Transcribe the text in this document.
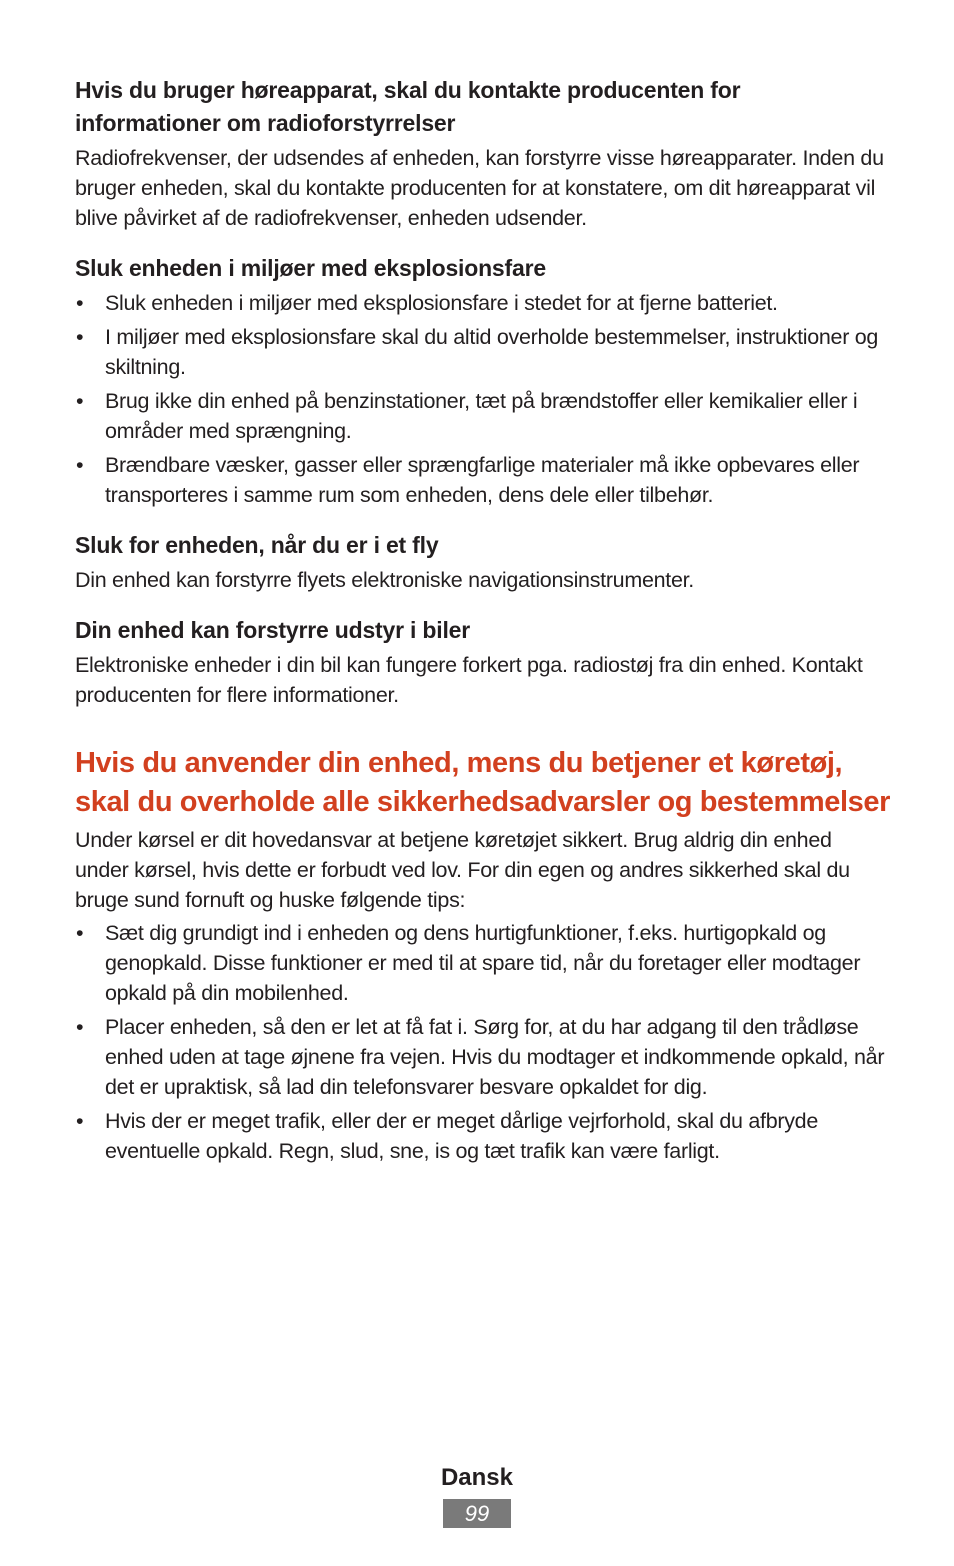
Hvis du bruger høreapparat, skal du kontakte producenten for informationer om radioforstyrrelser

Radiofrekvenser, der udsendes af enheden, kan forstyrre visse høreapparater. Inden du bruger enheden, skal du kontakte producenten for at konstatere, om dit høreapparat vil blive påvirket af de radiofrekvenser, enheden udsender.

Sluk enheden i miljøer med eksplosionsfare
• Sluk enheden i miljøer med eksplosionsfare i stedet for at fjerne batteriet.
• I miljøer med eksplosionsfare skal du altid overholde bestemmelser, instruktioner og skiltning.
• Brug ikke din enhed på benzinstationer, tæt på brændstoffer eller kemikalier eller i områder med sprængning.
• Brændbare væsker, gasser eller sprængfarlige materialer må ikke opbevares eller transporteres i samme rum som enheden, dens dele eller tilbehør.
Sluk for enheden, når du er i et fly

Din enhed kan forstyrre flyets elektroniske navigationsinstrumenter.

Din enhed kan forstyrre udstyr i biler

Elektroniske enheder i din bil kan fungere forkert pga. radiostøj fra din enhed. Kontakt producenten for flere informationer.

Hvis du anvender din enhed, mens du betjener et køretøj, skal du overholde alle sikkerhedsadvarsler og bestemmelser

Under kørsel er dit hovedansvar at betjene køretøjet sikkert. Brug aldrig din enhed under kørsel, hvis dette er forbudt ved lov. For din egen og andres sikkerhed skal du bruge sund fornuft og huske følgende tips:

• Sæt dig grundigt ind i enheden og dens hurtigfunktioner, f.eks. hurtigopkald og genopkald. Disse funktioner er med til at spare tid, når du foretager eller modtager opkald på din mobilenhed.
• Placer enheden, så den er let at få fat i. Sørg for, at du har adgang til den trådløse enhed uden at tage øjnene fra vejen. Hvis du modtager et indkommende opkald, når det er upraktisk, så lad din telefonsvarer besvare opkaldet for dig.
• Hvis der er meget trafik, eller der er meget dårlige vejrforhold, skal du afbryde eventuelle opkald. Regn, slud, sne, is og tæt trafik kan være farligt.
Dansk
99
